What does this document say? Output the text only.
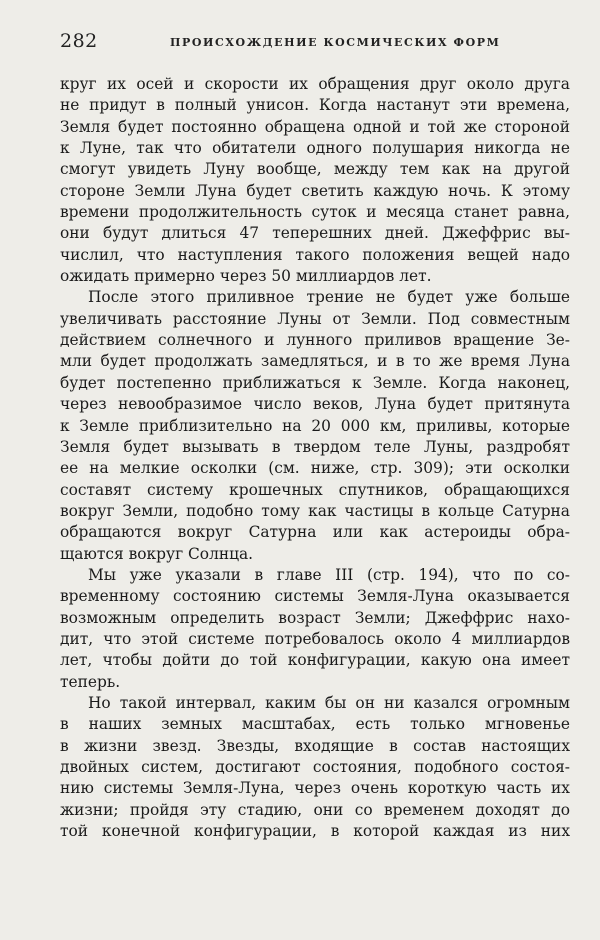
282	ПРОИСХОЖДЕНИЕ КОСМИЧЕСКИХ ФОРМ
круг их осей и скорости их обращения друг около друга
не придут в полный унисон. Когда настанут эти времена,
Земля будет постоянно обращена одной и той же стороной
к Луне, так что обитатели одного полушария никогда не
смогут увидеть Луну вообще, между тем как на другой
стороне Земли Луна будет светить каждую ночь. К этому
времени продолжительность суток и месяца станет равна,
они будут длиться 47 теперешних дней. Джеффрис вы-
числил, что наступления такого положения вещей надо
ожидать примерно через 50 миллиардов лет.
После этого приливное трение не будет уже больше
увеличивать расстояние Луны от Земли. Под совместным
действием солнечного и лунного приливов вращение Зе-
мли будет продолжать замедляться, и в то же время Луна
будет постепенно приближаться к Земле. Когда наконец,
через невообразимое число веков, Луна будет притянута
к Земле приблизительно на 20 000 км, приливы, которые
Земля будет вызывать в твердом теле Луны, раздробят
ее на мелкие осколки (см. ниже, стр. 309); эти осколки
составят систему крошечных спутников, обращающихся
вокруг Земли, подобно тому как частицы в кольце Сатурна
обращаются вокруг Сатурна или как астероиды обра-
щаются вокруг Солнца.
Мы уже указали в главе III (стр. 194), что по со-
временному состоянию системы Земля-Луна оказывается
возможным определить возраст Земли; Джеффрис нахо-
дит, что этой системе потребовалось около 4 миллиардов
лет, чтобы дойти до той конфигурации, какую она имеет
теперь.
Но такой интервал, каким бы он ни казался огромным
в наших земных масштабах, есть только мгновенье
в жизни звезд. Звезды, входящие в состав настоящих
двойных систем, достигают состояния, подобного состоя-
нию системы Земля-Луна, через очень короткую часть их
жизни; пройдя эту стадию, они со временем доходят до
той конечной конфигурации, в которой каждая из них
